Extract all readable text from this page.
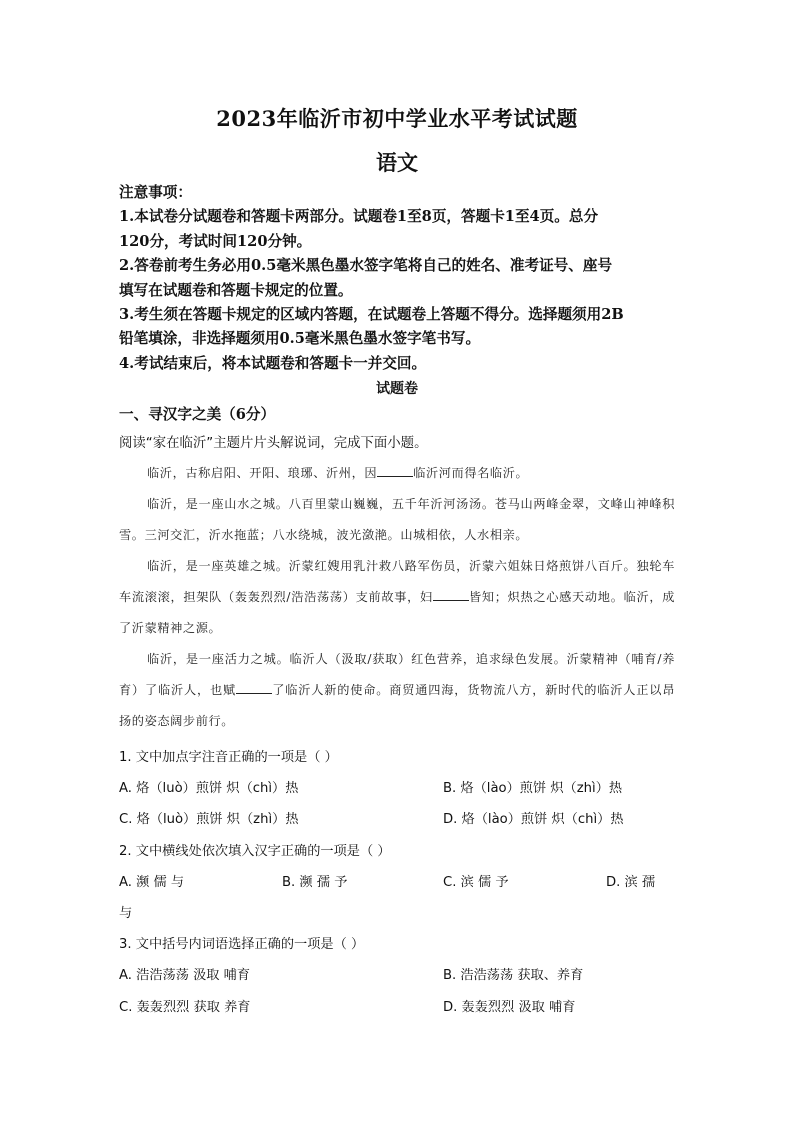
2023年临沂市初中学业水平考试试题
语文
注意事项：
1.本试卷分试题卷和答题卡两部分。试题卷1至8页，答题卡1至4页。总分
120分，考试时间120分钟。
2.答卷前考生务必用0.5毫米黑色墨水签字笔将自己的姓名、准考证号、座号
填写在试题卷和答题卡规定的位置。
3.考生须在答题卡规定的区域内答题，在试题卷上答题不得分。选择题须用2B
铅笔填涂，非选择题须用0.5毫米黑色墨水签字笔书写。
4.考试结束后，将本试题卷和答题卡一并交回。
试题卷
一、寻汉字之美（6分）
阅读“家在临沂”主题片片头解说词，完成下面小题。

临沂，古称启阳、开阳、琅琊、沂州，因	临沂河而得名临沂。

临沂，是一座山水之城。八百里蒙山巍巍，五千年沂河汤汤。苍马山两峰金翠，文峰山神峰积雪。三河交汇，沂水拖蓝；八水绕城，波光潋滟。山城相依，人水相亲。

临沂，是一座英雄之城。沂蒙红嫂用乳汁救八路军伤员，沂蒙六姐妹日烙煎饼八百斤。独轮车车流滚滚，担架队（轰轰烈烈/浩浩荡荡）支前故事，妇	皆知；炽热之心感天动地。临沂，成了沂蒙精神之源。

临沂，是一座活力之城。临沂人（汲取/获取）红色营养，追求绿色发展。沂蒙精神（哺育/养育）了临沂人，也赋	了临沂人新的使命。商贸通四海，货物流八方，新时代的临沂人正以昂扬的姿态阔步前行。

1. 文中加点字注音正确的一项是（ ）
A. 烙（luò）煎饼 炽（chì）热	B. 烙（lào）煎饼 炽（zhì）热
C. 烙（luò）煎饼 炽（zhì）热	D. 烙（lào）煎饼 炽（chì）热
2. 文中横线处依次填入汉字正确的一项是（ ）
A. 濒 儒 与	B. 濒 孺 予	C. 滨 儒 予	D. 滨 孺
与
3. 文中括号内词语选择正确的一项是（ ）
A. 浩浩荡荡 汲取 哺育	B. 浩浩荡荡 获取、养育
C. 轰轰烈烈 获取 养育	D. 轰轰烈烈 汲取 哺育
